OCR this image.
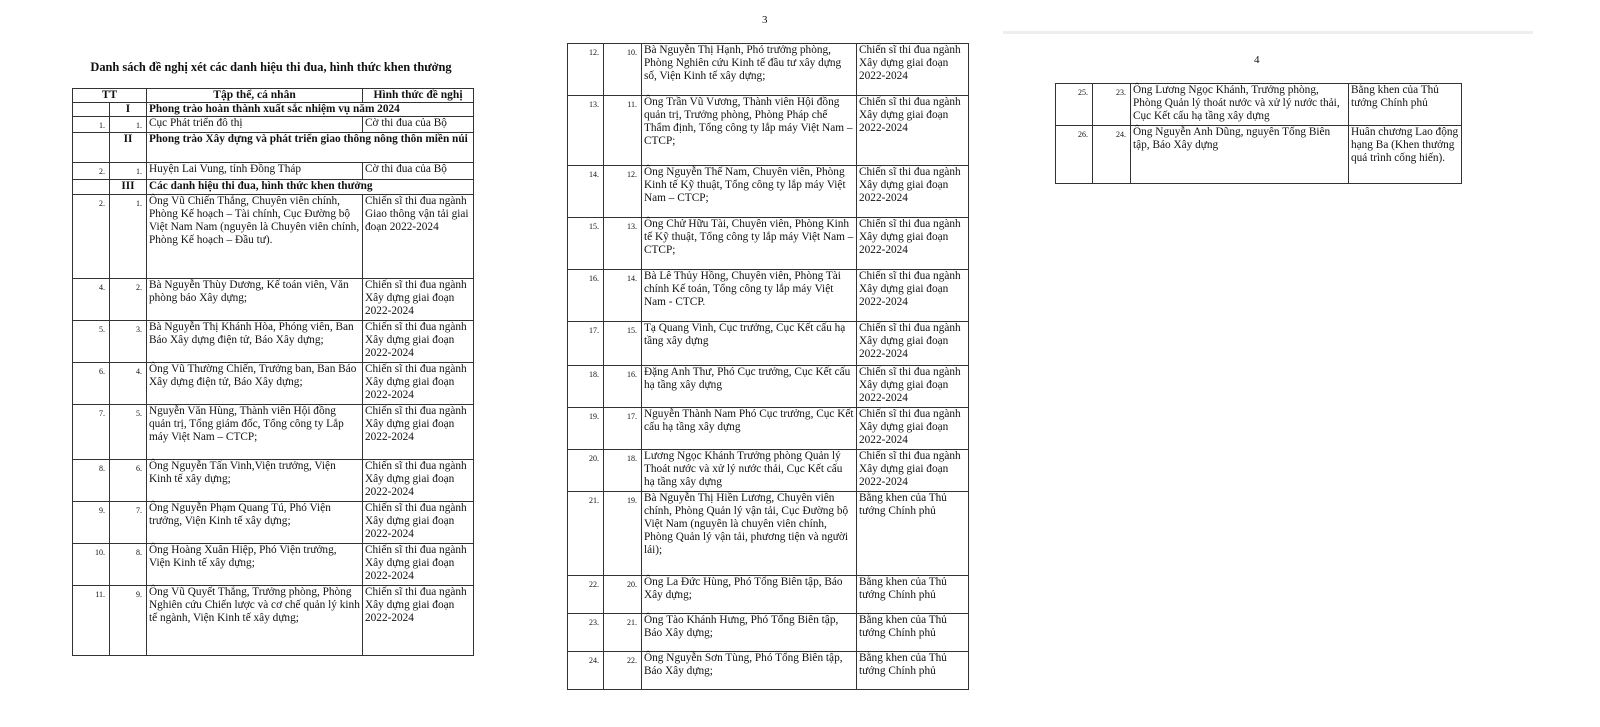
Danh sách đề nghị xét các danh hiệu thi đua, hình thức khen thưởng
3
4
TT		Tập thể, cá nhân	Hình thức đề nghị
	I	Phong trào hoàn thành xuất sắc nhiệm vụ năm 2024	
1.	1.	Cục Phát triển đô thị	Cờ thi đua của Bộ
	II	Phong trào Xây dựng và phát triển giao thông nông thôn miền núi	
2.	1.	Huyện Lai Vung, tỉnh Đồng Tháp	Cờ thi đua của Bộ
	III	Các danh hiệu thi đua, hình thức khen thưởng	
2.	1.	Ông Vũ Chiến Thắng, Chuyên viên chính, Phòng Kế hoạch – Tài chính, Cục Đường bộ Việt Nam Nam (nguyên là Chuyên viên chính, Phòng Kế hoạch – Đầu tư).	Chiến sĩ thi đua ngành Giao thông vận tải giai đoạn 2022-2024
4.	2.	Bà Nguyễn Thùy Dương, Kế toán viên, Văn phòng báo Xây dựng;	Chiến sĩ thi đua ngành Xây dựng giai đoạn 2022-2024
5.	3.	Bà Nguyễn Thị Khánh Hòa, Phóng viên, Ban Báo Xây dựng điện tử, Báo Xây dựng;	Chiến sĩ thi đua ngành Xây dựng giai đoạn 2022-2024
6.	4.	Ông Vũ Thường Chiến, Trưởng ban, Ban Báo Xây dựng điện tử, Báo Xây dựng;	Chiến sĩ thi đua ngành Xây dựng giai đoạn 2022-2024
7.	5.	Nguyễn Văn Hùng, Thành viên Hội đồng quản trị, Tổng giám đốc, Tổng công ty Lắp máy Việt Nam – CTCP;	Chiến sĩ thi đua ngành Xây dựng giai đoạn 2022-2024
8.	6.	Ông Nguyễn Tấn Vinh,Viện trưởng, Viện Kinh tế xây dựng;	Chiến sĩ thi đua ngành Xây dựng giai đoạn 2022-2024
9.	7.	Ông Nguyễn Phạm Quang Tú, Phó Viện trưởng, Viện Kinh tế xây dựng;	Chiến sĩ thi đua ngành Xây dựng giai đoạn 2022-2024
10.	8.	Ông Hoàng Xuân Hiệp, Phó Viện trưởng, Viện Kinh tế xây dựng;	Chiến sĩ thi đua ngành Xây dựng giai đoạn 2022-2024
11.	9.	Ông Vũ Quyết Thắng, Trưởng phòng, Phòng Nghiên cứu Chiến lược và cơ chế quản lý kinh tế ngành, Viện Kinh tế xây dựng;	Chiến sĩ thi đua ngành Xây dựng giai đoạn 2022-2024
12.	10.	Bà Nguyễn Thị Hạnh, Phó trưởng phòng, Phòng Nghiên cứu Kinh tế đầu tư xây dựng số, Viện Kinh tế xây dựng;	Chiến sĩ thi đua ngành Xây dựng giai đoạn 2022-2024
13.	11.	Ông Trần Vũ Vương, Thành viên Hội đồng quản trị, Trưởng phòng, Phòng Pháp chế Thẩm định, Tổng công ty lắp máy Việt Nam – CTCP;	Chiến sĩ thi đua ngành Xây dựng giai đoạn 2022-2024
14.	12.	Ông Nguyễn Thế Nam, Chuyên viên, Phòng Kinh tế Kỹ thuật, Tổng công ty lắp máy Việt Nam – CTCP;	Chiến sĩ thi đua ngành Xây dựng giai đoạn 2022-2024
15.	13.	Ông Chử Hữu Tài, Chuyên viên, Phòng Kinh tế Kỹ thuật, Tổng công ty lắp máy Việt Nam – CTCP;	Chiến sĩ thi đua ngành Xây dựng giai đoạn 2022-2024
16.	14.	Bà Lê Thủy Hồng, Chuyên viên, Phòng Tài chính Kế toán, Tổng công ty lắp máy Việt Nam - CTCP.	Chiến sĩ thi đua ngành Xây dựng giai đoạn 2022-2024
17.	15.	Tạ Quang Vinh, Cục trưởng, Cục Kết cấu hạ tầng xây dựng	Chiến sĩ thi đua ngành Xây dựng giai đoạn 2022-2024
18.	16.	Đặng Anh Thư, Phó Cục trưởng, Cục Kết cấu hạ tầng xây dựng	Chiến sĩ thi đua ngành Xây dựng giai đoạn 2022-2024
19.	17.	Nguyễn Thành Nam Phó Cục trưởng, Cục Kết cấu hạ tầng xây dựng	Chiến sĩ thi đua ngành Xây dựng giai đoạn 2022-2024
20.	18.	Lương Ngọc Khánh Trưởng phòng Quản lý Thoát nước và xử lý nước thải, Cục Kết cấu hạ tầng xây dựng	Chiến sĩ thi đua ngành Xây dựng giai đoạn 2022-2024
21.	19.	Bà Nguyễn Thị Hiền Lương, Chuyên viên chính, Phòng Quản lý vận tải, Cục Đường bộ Việt Nam (nguyên là chuyên viên chính, Phòng Quản lý vận tải, phương tiện và người lái);	Bằng khen của Thủ tướng Chính phủ
22.	20.	Ông La Đức Hùng, Phó Tổng Biên tập, Báo Xây dựng;	Bằng khen của Thủ tướng Chính phủ
23.	21.	Ông Tào Khánh Hưng, Phó Tổng Biên tập, Báo Xây dựng;	Bằng khen của Thủ tướng Chính phủ
24.	22.	Ông Nguyễn Sơn Tùng, Phó Tổng Biên tập, Báo Xây dựng;	Bằng khen của Thủ tướng Chính phủ
25.	23.	Ông Lương Ngọc Khánh, Trưởng phòng, Phòng Quản lý thoát nước và xử lý nước thải, Cục Kết cấu hạ tầng xây dựng	Bằng khen của Thủ tướng Chính phủ
26.	24.	Ông Nguyễn Anh Dũng, nguyên Tổng Biên tập, Báo Xây dựng	Huân chương Lao động hạng Ba (Khen thưởng quá trình cống hiến).
